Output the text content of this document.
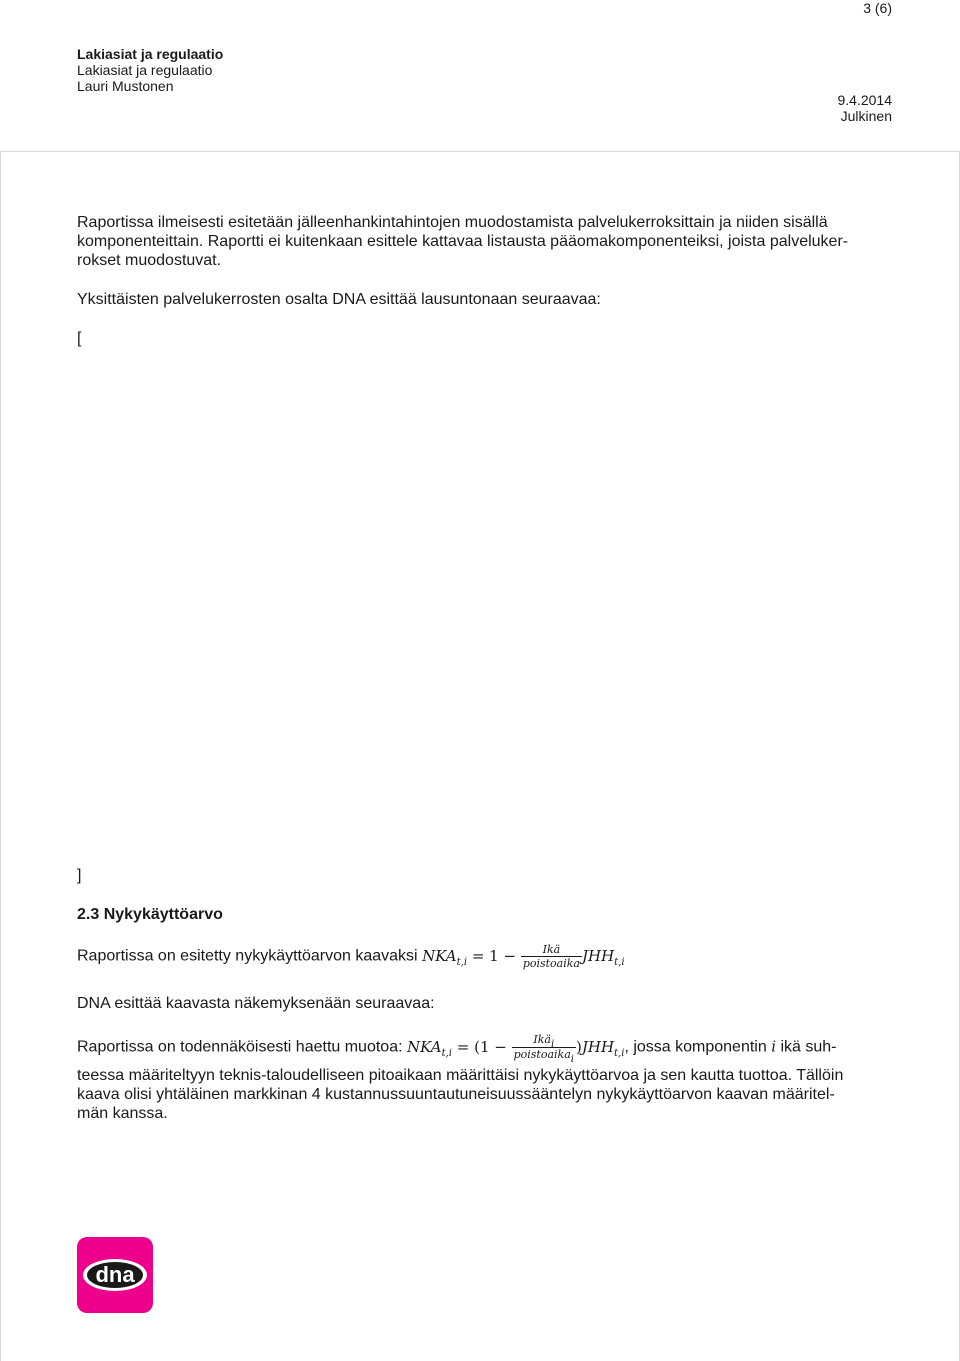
3 (6)
Lakiasiat ja regulaatio
Lakiasiat ja regulaatio
Lauri Mustonen
9.4.2014
Julkinen
Raportissa ilmeisesti esitetään jälleenhankintahintojen muodostamista palvelukerroksittain ja niiden sisällä
komponenteittain. Raportti ei kuitenkaan esittele kattavaa listausta pääomakomponenteiksi, joista palveluker-
rokset muodostuvat.
Yksittäisten palvelukerrosten osalta DNA esittää lausuntonaan seuraavaa:
[
]
2.3 Nykykäyttöarvo
Raportissa on esitetty nykykäyttöarvon kaavaksi $NKA_{t,i} = 1 - \frac{\text{Ikä}}{\text{poistoaika}} JHH_{t,i}$
DNA esittää kaavasta näkemyksenään seuraavaa:
Raportissa on todennäköisesti haettu muotoa: $NKA_{t,i} = (1 - \frac{\text{Ikäi}}{\text{poistoaikai}} )JHH_{t,i}$, jossa komponentin i ikä suh-
teessa määriteltyyn teknis-taloudelliseen pitoaikaan määrittäisi nykykäyttöarvoa ja sen kautta tuottoa. Tällöin
kaava olisi yhtäläinen markkinan 4 kustannussuuntautuneisuussääntelyn nykykäyttöarvon kaavan määritel-
män kanssa.
dna
